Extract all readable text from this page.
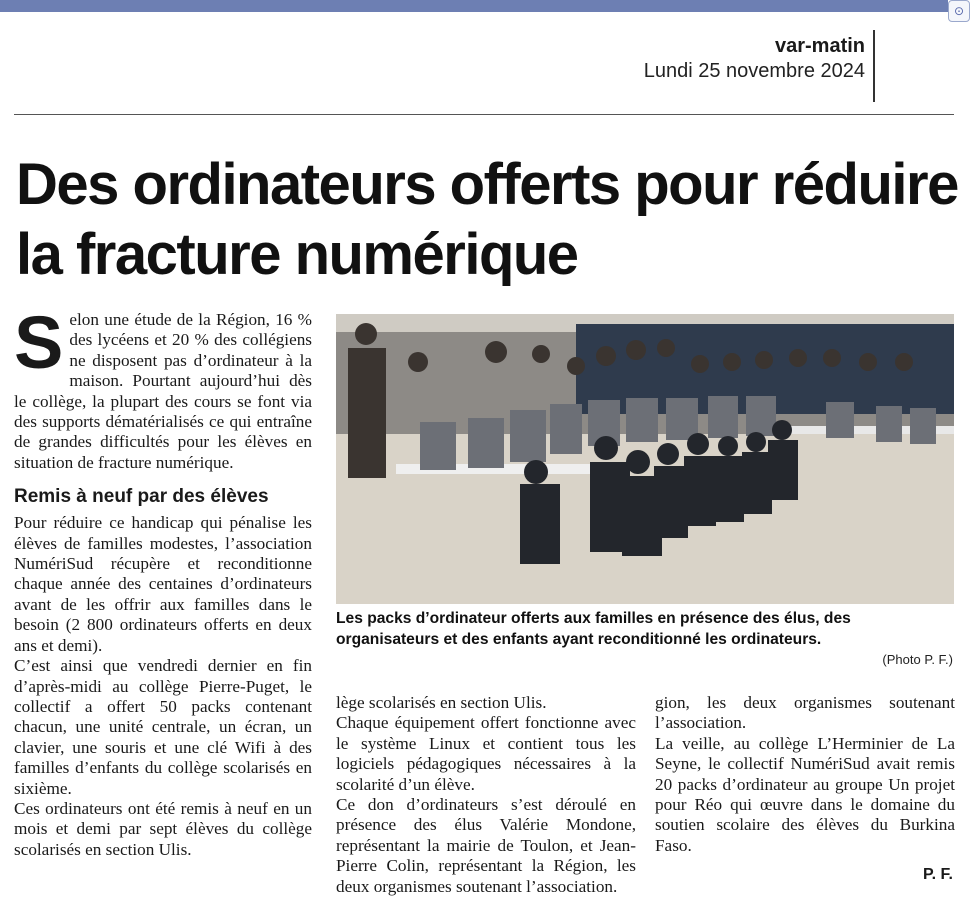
⊙
var-matin
Lundi 25 novembre 2024
Des ordinateurs offerts pour réduire la fracture numérique

Selon une étude de la Région, 16 % des lycéens et 20 % des collégiens ne disposent pas d’ordinateur à la maison. Pourtant aujourd’hui dès le collège, la plupart des cours se font via des supports dématérialisés ce qui entraîne de grandes difficultés pour les élèves en situation de fracture numérique.

Remis à neuf par des élèves

Pour réduire ce handicap qui pénalise les élèves de familles modestes, l’association NumériSud récupère et reconditionne chaque année des centaines d’ordinateurs avant de les offrir aux familles dans le besoin (2 800 ordinateurs offerts en deux ans et demi).

C’est ainsi que vendredi dernier en fin d’après-midi au collège Pierre-Puget, le collectif a offert 50 packs contenant chacun, une unité centrale, un écran, un clavier, une souris et une clé Wifi à des familles d’enfants du collège scolarisés en sixième.

Ces ordinateurs ont été remis à neuf en un mois et demi par sept élèves du collège scolarisés en section Ulis.

Les packs d’ordinateur offerts aux familles en présence des élus, des organisateurs et des enfants ayant reconditionné les ordinateurs.

(Photo P. F.)

lège scolarisés en section Ulis.

Chaque équipement offert fonctionne avec le système Linux et contient tous les logiciels pédagogiques nécessaires à la scolarité d’un élève.

Ce don d’ordinateurs s’est déroulé en présence des élus Valérie Mondone, représentant la mairie de Toulon, et Jean-Pierre Colin, représentant la Région, les deux organismes soutenant l’association.

gion, les deux organismes soutenant l’association.

La veille, au collège L’Herminier de La Seyne, le collectif NumériSud avait remis 20 packs d’ordinateur au groupe Un projet pour Réo qui œuvre dans le domaine du soutien scolaire des élèves du Burkina Faso.

P. F.
